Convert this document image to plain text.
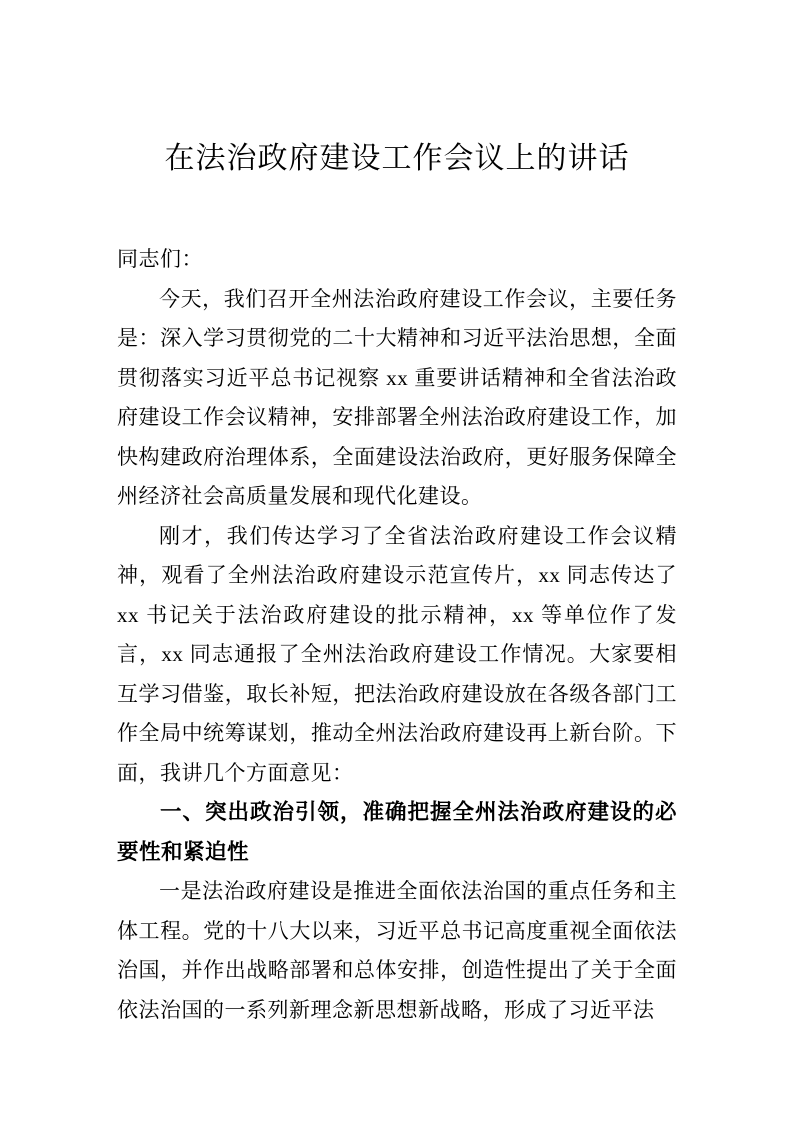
在法治政府建设工作会议上的讲话

同志们：

今天，我们召开全州法治政府建设工作会议，主要任务是：深入学习贯彻党的二十大精神和习近平法治思想，全面贯彻落实习近平总书记视察 xx 重要讲话精神和全省法治政府建设工作会议精神，安排部署全州法治政府建设工作，加快构建政府治理体系，全面建设法治政府，更好服务保障全州经济社会高质量发展和现代化建设。

刚才，我们传达学习了全省法治政府建设工作会议精神，观看了全州法治政府建设示范宣传片，xx 同志传达了 xx 书记关于法治政府建设的批示精神，xx 等单位作了发言，xx 同志通报了全州法治政府建设工作情况。大家要相互学习借鉴，取长补短，把法治政府建设放在各级各部门工作全局中统筹谋划，推动全州法治政府建设再上新台阶。下面，我讲几个方面意见：

一、突出政治引领，准确把握全州法治政府建设的必要性和紧迫性

一是法治政府建设是推进全面依法治国的重点任务和主体工程。党的十八大以来，习近平总书记高度重视全面依法治国，并作出战略部署和总体安排，创造性提出了关于全面依法治国的一系列新理念新思想新战略，形成了习近平法
